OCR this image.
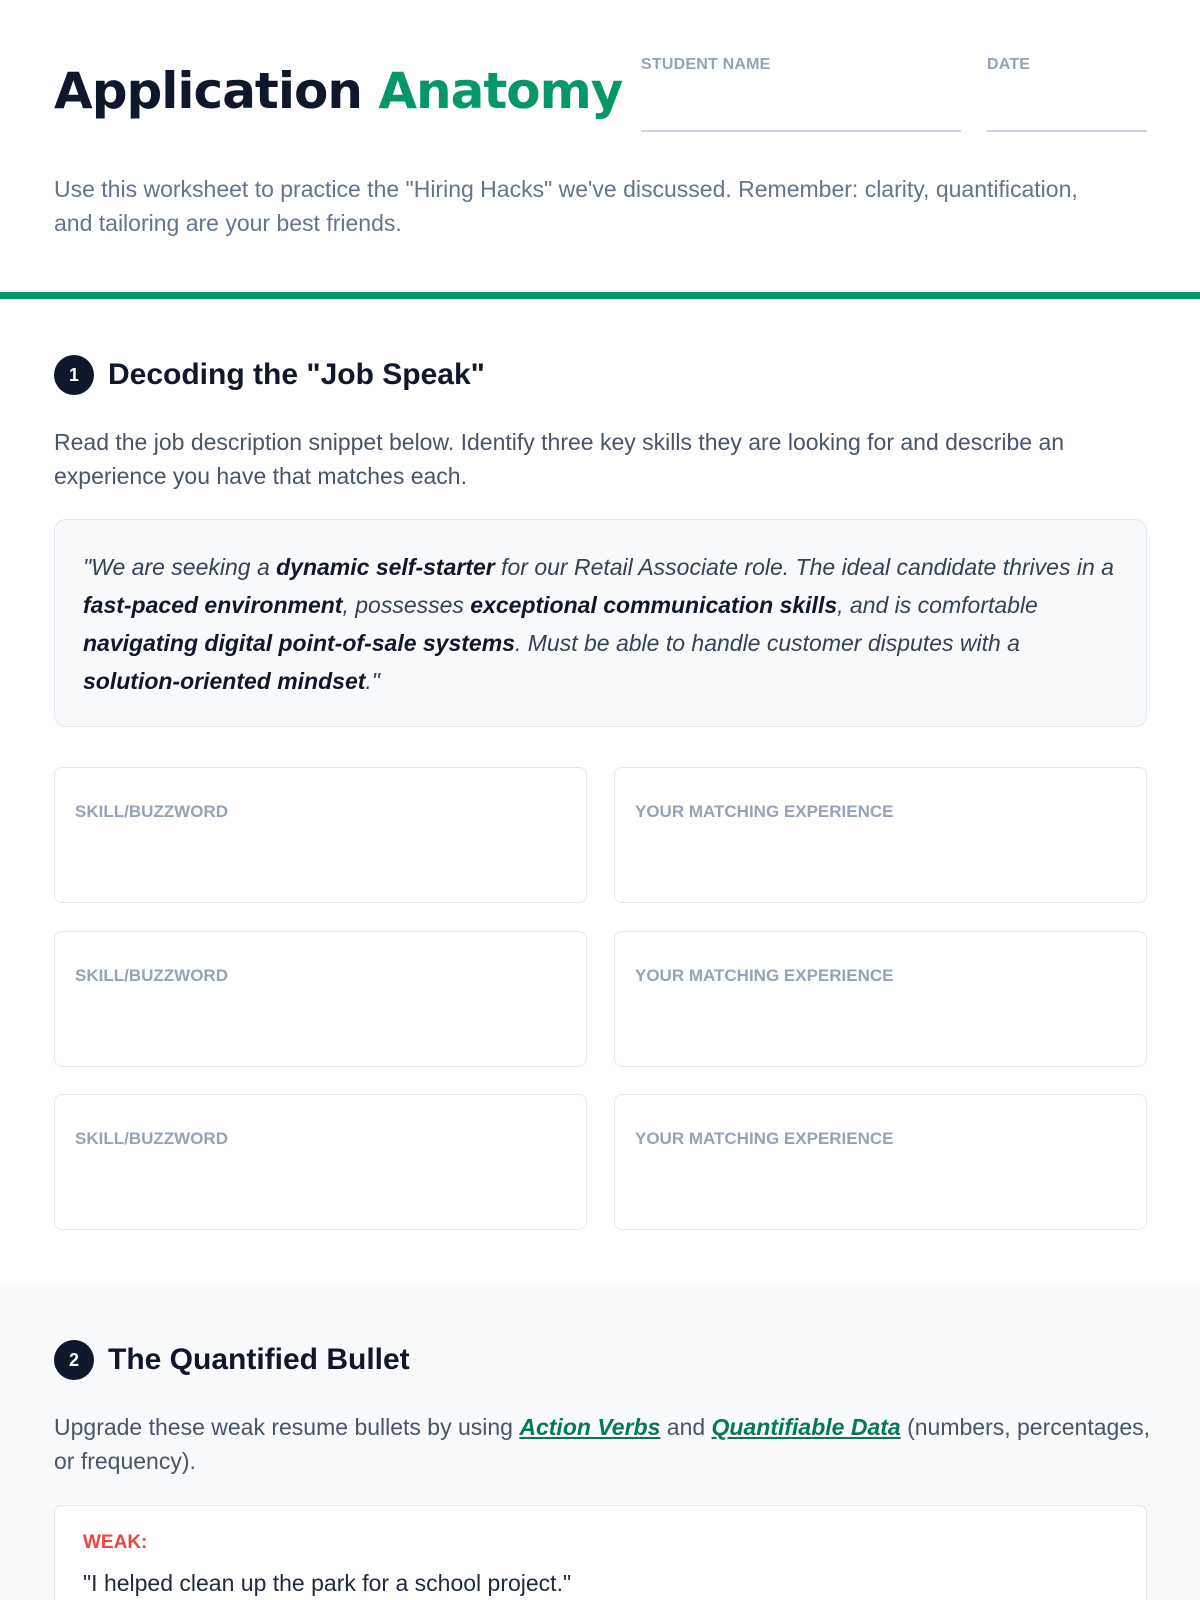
Application Anatomy STUDENT NAME	DATE

Use this worksheet to practice the "Hiring Hacks" we've discussed. Remember: clarity, quantification, and tailoring are your best friends.

1 Decoding the "Job Speak"

Read the job description snippet below. Identify three key skills they are looking for and describe an experience you have that matches each.

"We are seeking a dynamic self-starter for our Retail Associate role. The ideal candidate thrives in a fast-paced environment, possesses exceptional communication skills, and is comfortable navigating digital point-of-sale systems. Must be able to handle customer disputes with a solution-oriented mindset."
SKILL/BUZZWORD	YOUR MATCHING EXPERIENCE
SKILL/BUZZWORD	YOUR MATCHING EXPERIENCE
SKILL/BUZZWORD	YOUR MATCHING EXPERIENCE
2 The Quantified Bullet

Upgrade these weak resume bullets by using Action Verbs and Quantifiable Data (numbers, percentages, or frequency).

WEAK:
"I helped clean up the park for a school project."
